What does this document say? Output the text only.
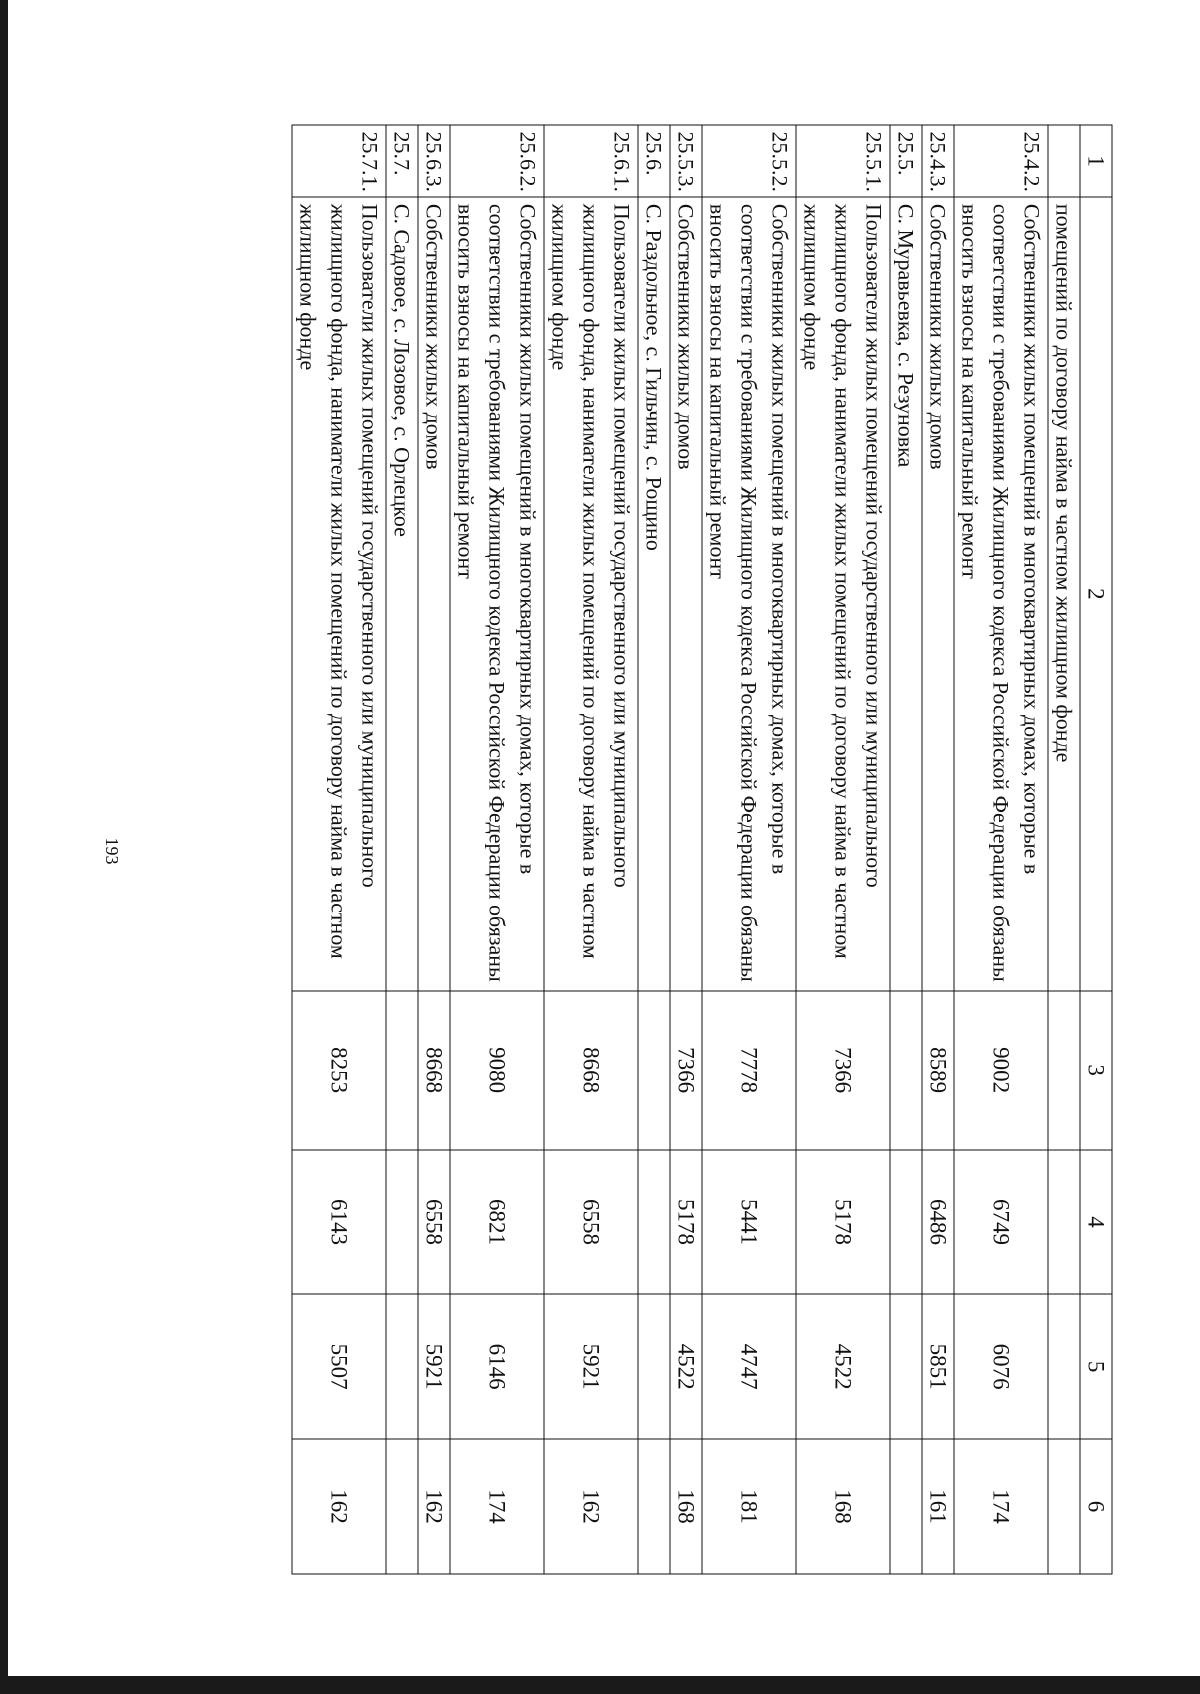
193
1	2	3	4	5	6
	помещений по договору найма в частном жилищном фонде				
25.4.2.	Собственники жилых помещений в многоквартирных домах, которые в соответствии с требованиями Жилищного кодекса Российской Федерации обязаны вносить взносы на капитальный ремонт	9002	6749	6076	174
25.4.3.	Собственники жилых домов	8589	6486	5851	161
25.5.	С. Муравьевка, с. Резуновка				
25.5.1.	Пользователи жилых помещений государственного или муниципального жилищного фонда, наниматели жилых помещений по договору найма в частном жилищном фонде	7366	5178	4522	168
25.5.2.	Собственники жилых помещений в многоквартирных домах, которые в соответствии с требованиями Жилищного кодекса Российской Федерации обязаны вносить взносы на капитальный ремонт	7778	5441	4747	181
25.5.3.	Собственники жилых домов	7366	5178	4522	168
25.6.	С. Раздольное, с. Гильчин, с. Рощино				
25.6.1.	Пользователи жилых помещений государственного или муниципального жилищного фонда, наниматели жилых помещений по договору найма в частном жилищном фонде	8668	6558	5921	162
25.6.2.	Собственники жилых помещений в многоквартирных домах, которые в соответствии с требованиями Жилищного кодекса Российской Федерации обязаны вносить взносы на капитальный ремонт	9080	6821	6146	174
25.6.3.	Собственники жилых домов	8668	6558	5921	162
25.7.	С. Садовое, с. Лозовое, с. Орлецкое				
25.7.1.	Пользователи жилых помещений государственного или муниципального жилищного фонда, наниматели жилых помещений по договору найма в частном жилищном фонде	8253	6143	5507	162
